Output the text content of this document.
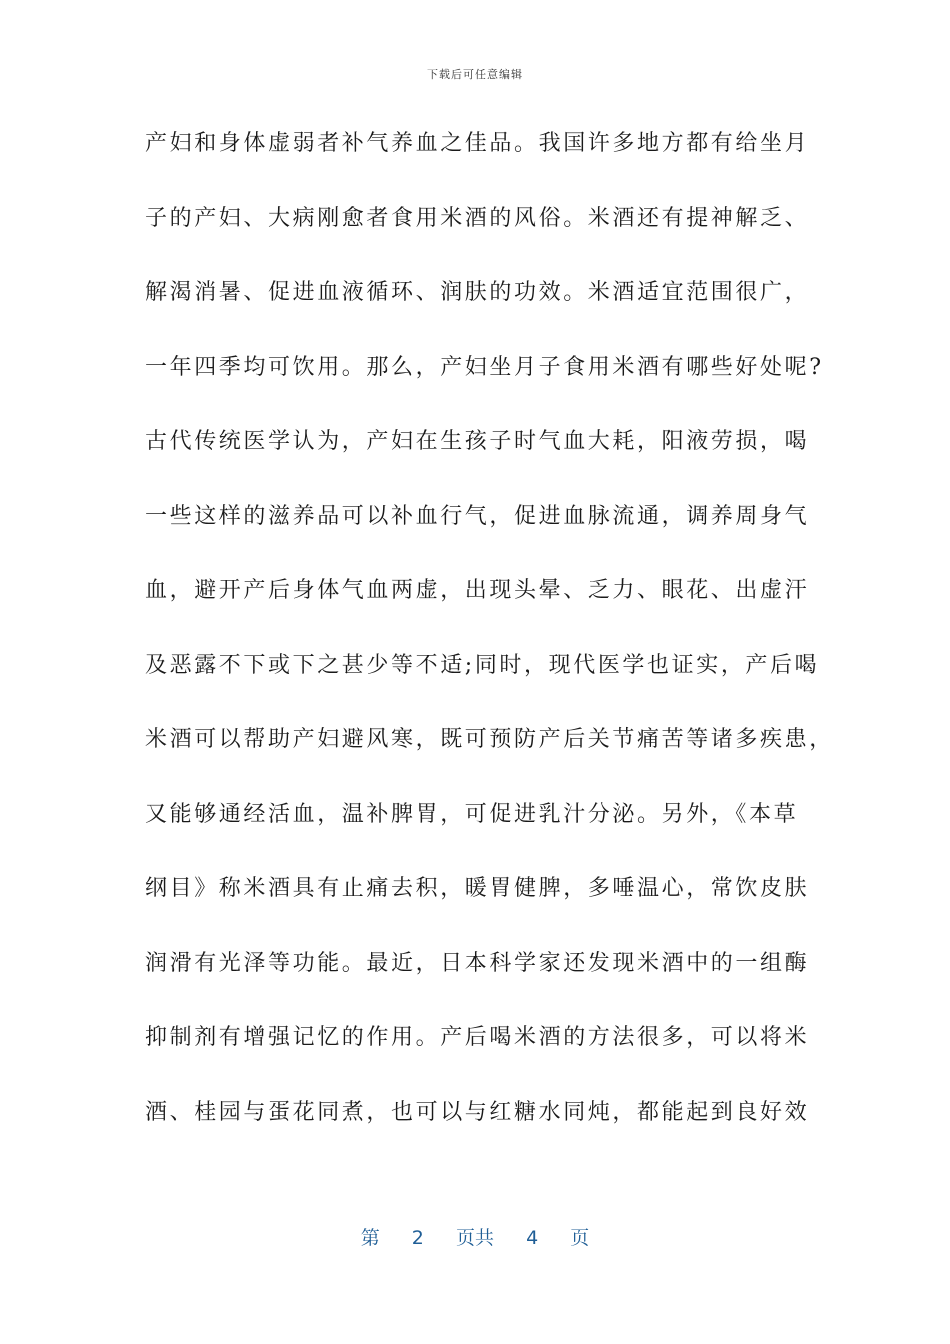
下载后可任意编辑
产妇和身体虚弱者补气养血之佳品。我国许多地方都有给坐月
子的产妇、大病刚愈者食用米酒的风俗。米酒还有提神解乏、
解渴消暑、促进血液循环、润肤的功效。米酒适宜范围很广，
一年四季均可饮用。那么，产妇坐月子食用米酒有哪些好处呢?
古代传统医学认为，产妇在生孩子时气血大耗，阳液劳损，喝
一些这样的滋养品可以补血行气，促进血脉流通，调养周身气
血，避开产后身体气血两虚，出现头晕、乏力、眼花、出虚汗
及恶露不下或下之甚少等不适;同时，现代医学也证实，产后喝
米酒可以帮助产妇避风寒，既可预防产后关节痛苦等诸多疾患，
又能够通经活血，温补脾胃，可促进乳汁分泌。另外，《本草
纲目》称米酒具有止痛去积，暖胃健脾，多唾温心，常饮皮肤
润滑有光泽等功能。最近，日本科学家还发现米酒中的一组酶
抑制剂有增强记忆的作用。产后喝米酒的方法很多，可以将米
酒、桂园与蛋花同煮，也可以与红糖水同炖，都能起到良好效
第 2 页共 4 页
